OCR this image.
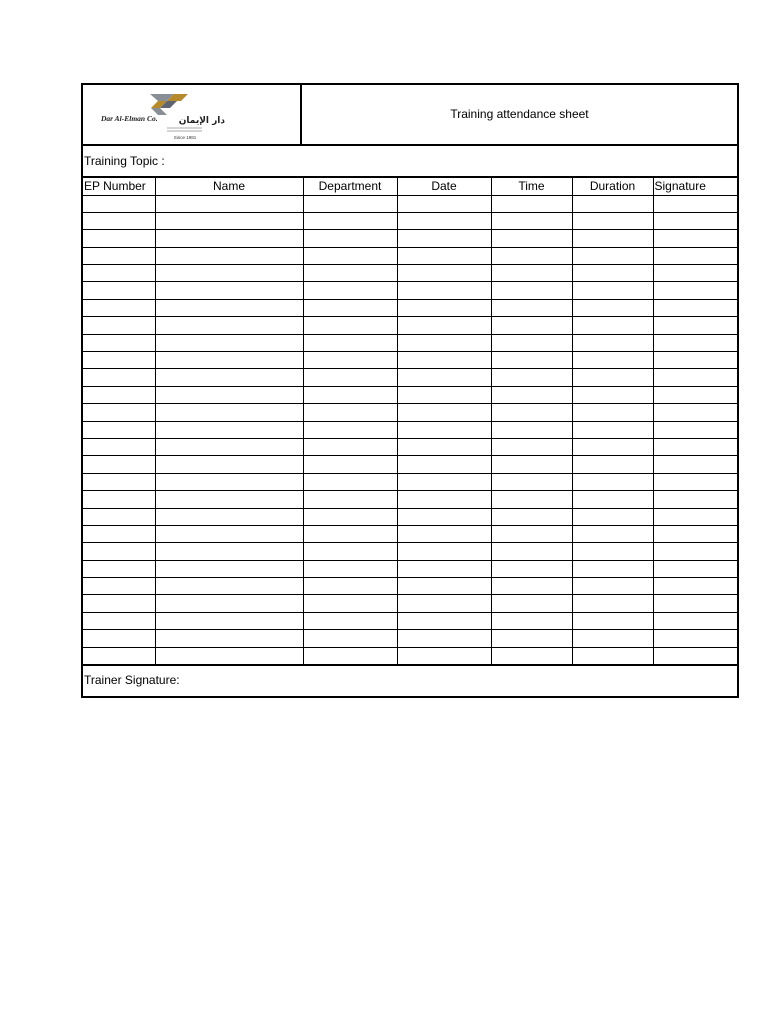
Dar Al-Elman Co. دار الإيمان
Since 1981
Training attendance sheet
Training Topic :
EP Number	Name	Department	Date	Time	Duration	Signature

Trainer Signature:
